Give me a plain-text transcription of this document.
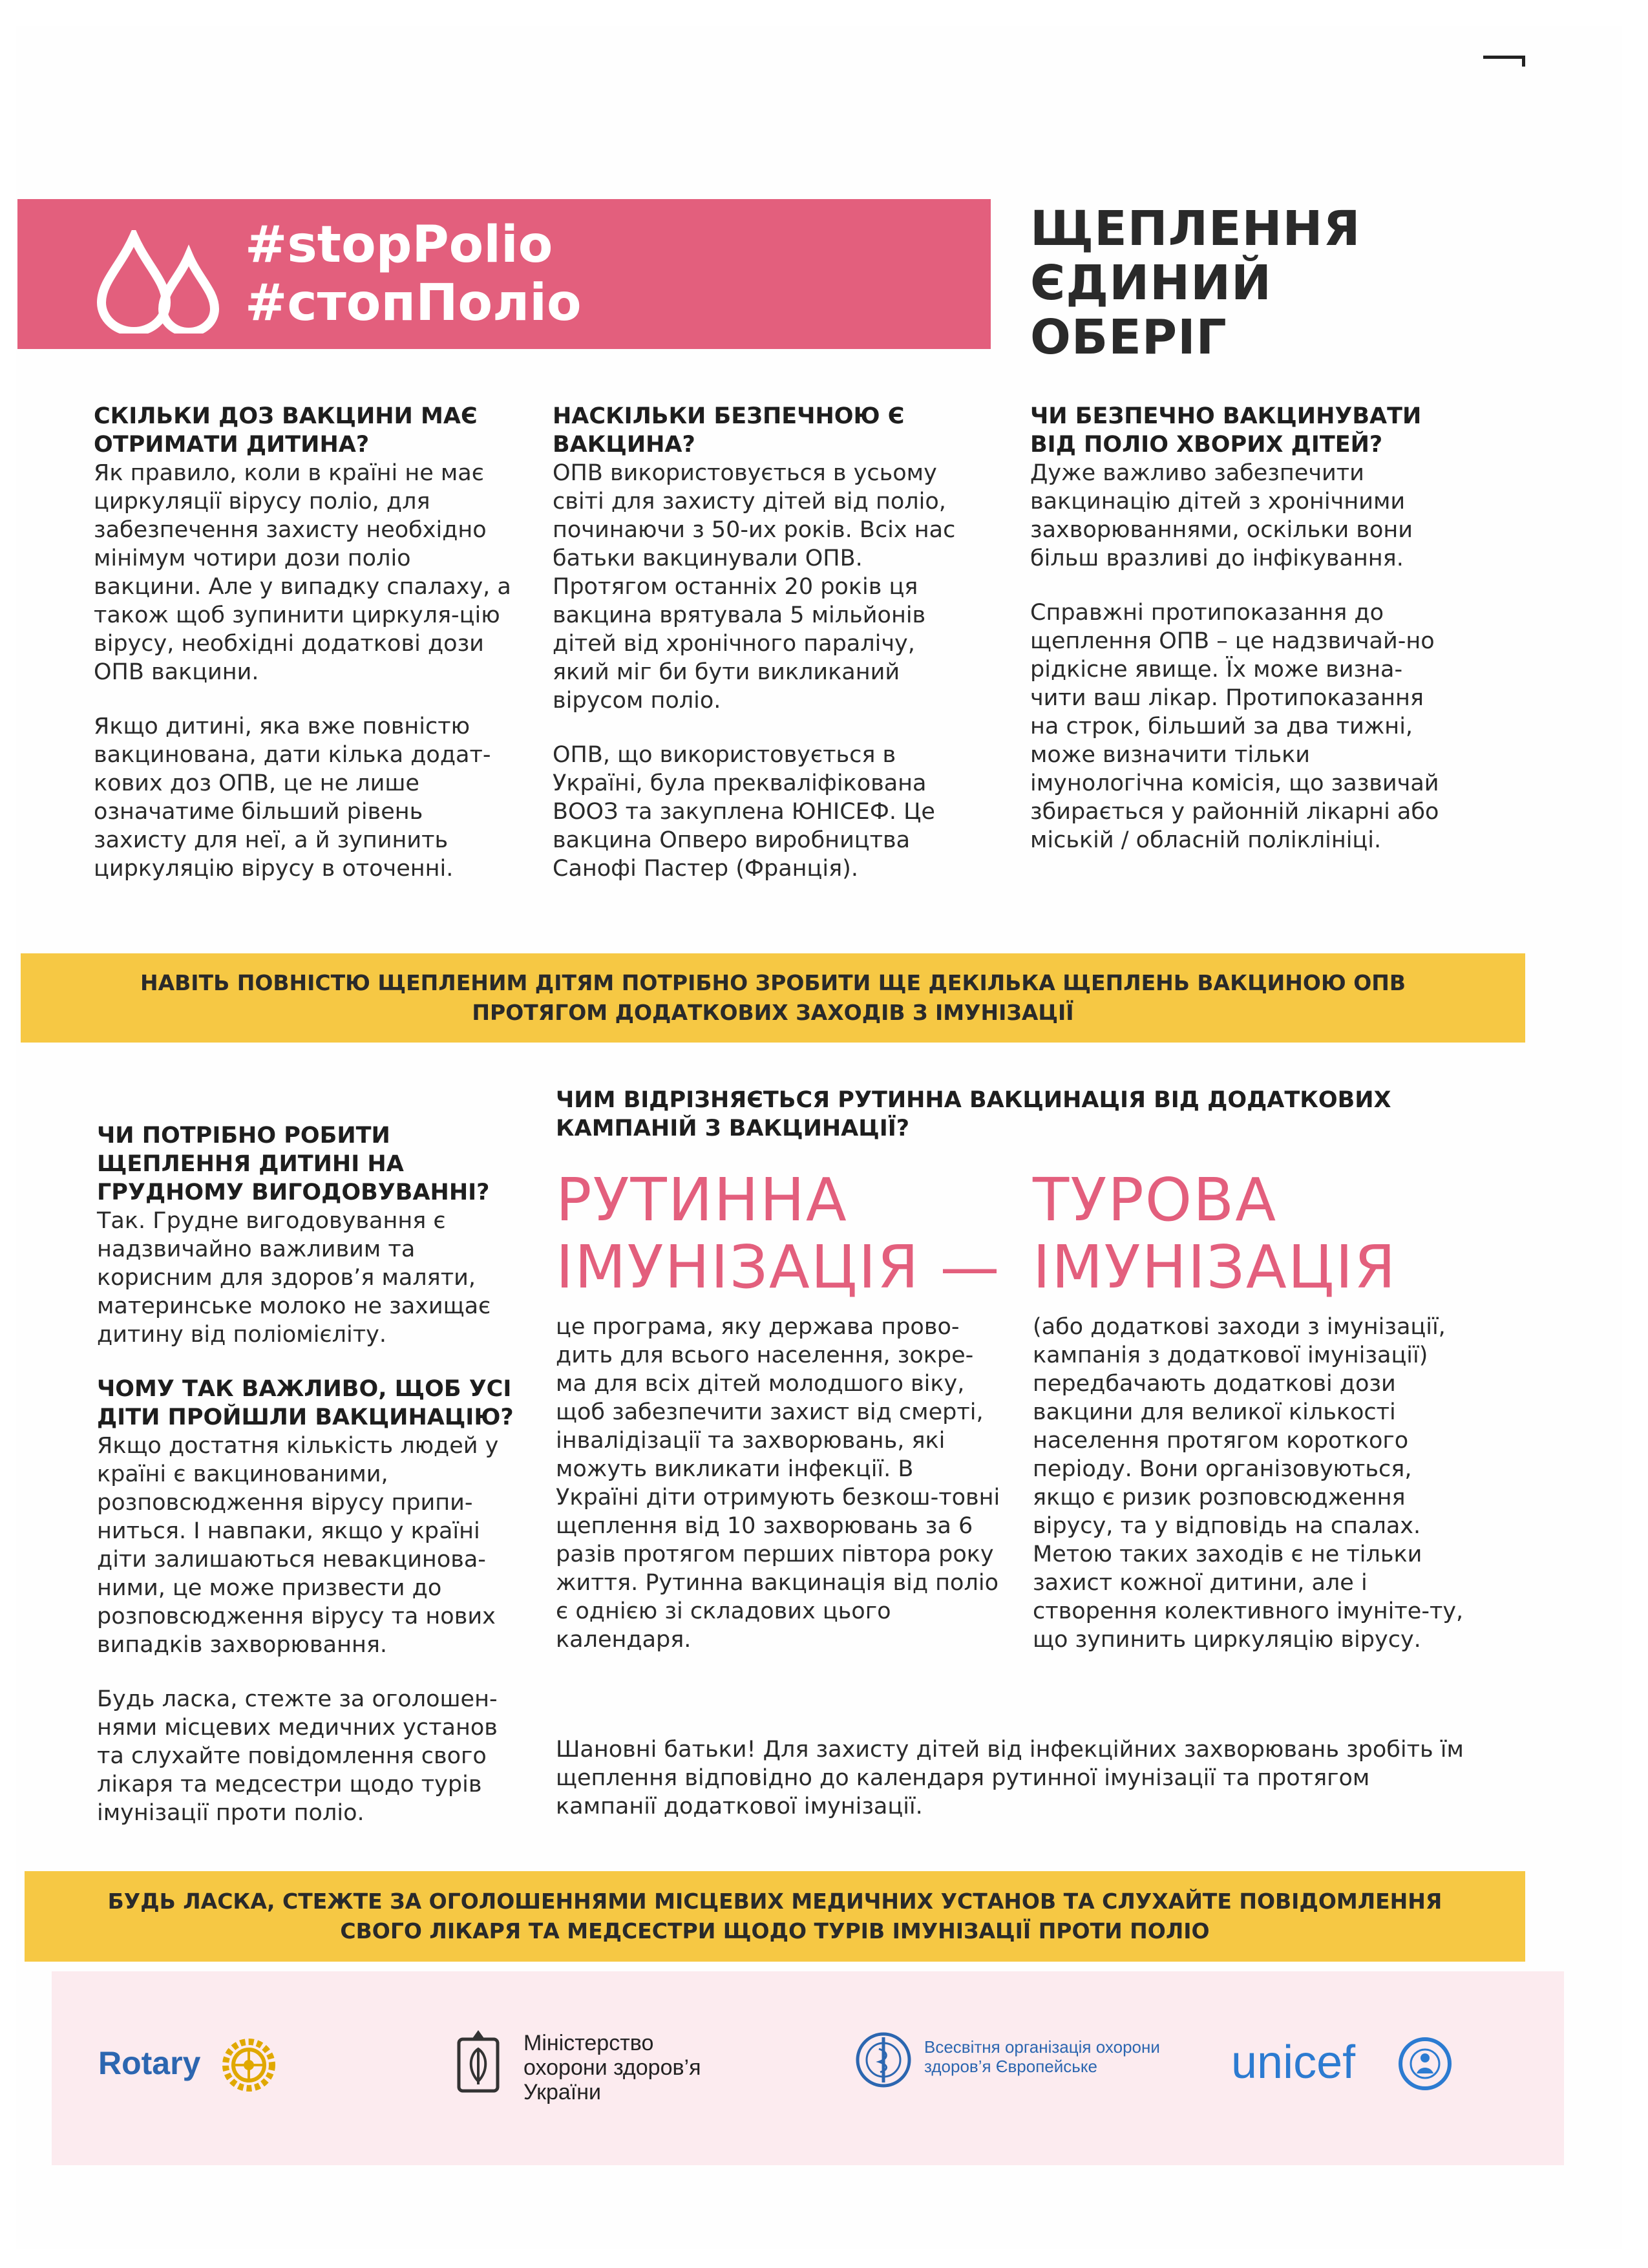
#stopPolio
#стопПоліо
ЩЕПЛЕННЯ
ЄДИНИЙ
ОБЕРІГ
СКІЛЬКИ ДОЗ ВАКЦИНИ МАЄ ОТРИМАТИ ДИТИНА?

Як правило, коли в країні не має циркуляції вірусу поліо, для забезпечення захисту необхідно мінімум чотири дози поліо вакцини. Але у випадку спалаху, а також щоб зупинити циркуля-цію вірусу, необхідні додаткові дози ОПВ вакцини.

Якщо дитині, яка вже повністю вакцинована, дати кілька додат-кових доз ОПВ, це не лише означатиме більший рівень захисту для неї, а й зупинить циркуляцію вірусу в оточенні.

НАСКІЛЬКИ БЕЗПЕЧНОЮ Є ВАКЦИНА?

ОПВ використовується в усьому світі для захисту дітей від поліо, починаючи з 50-их років. Всіх нас батьки вакцинували ОПВ. Протягом останніх 20 років ця вакцина врятувала 5 мільйонів дітей від хронічного паралічу, який міг би бути викликаний вірусом поліо.

ОПВ, що використовується в Україні, була прекваліфікована ВООЗ та закуплена ЮНІСЕФ. Це вакцина Опверо виробництва Санофі Пастер (Франція).

ЧИ БЕЗПЕЧНО ВАКЦИНУВАТИ ВІД ПОЛІО ХВОРИХ ДІТЕЙ?

Дуже важливо забезпечити вакцинацію дітей з хронічними захворюваннями, оскільки вони більш вразливі до інфікування.

Справжні протипоказання до щеплення ОПВ – це надзвичай-но рідкісне явище. Їх може визна-чити ваш лікар. Протипоказання на строк, більший за два тижні, може визначити тільки імунологічна комісія, що зазвичай збирається у районній лікарні або міській / обласній поліклініці.

НАВІТЬ ПОВНІСТЮ ЩЕПЛЕНИМ ДІТЯМ ПОТРІБНО ЗРОБИТИ ЩЕ ДЕКІЛЬКА ЩЕПЛЕНЬ ВАКЦИНОЮ ОПВ ПРОТЯГОМ ДОДАТКОВИХ ЗАХОДІВ З ІМУНІЗАЦІЇ
ЧИ ПОТРІБНО РОБИТИ ЩЕПЛЕННЯ ДИТИНІ НА ГРУДНОМУ ВИГОДОВУВАННІ?

Так. Грудне вигодовування є надзвичайно важливим та корисним для здоров’я маляти, материнське молоко не захищає дитину від поліомієліту.

ЧОМУ ТАК ВАЖЛИВО, ЩОБ УСІ ДІТИ ПРОЙШЛИ ВАКЦИНАЦІЮ?

Якщо достатня кількість людей у країні є вакцинованими, розповсюдження вірусу припи-ниться. І навпаки, якщо у країні діти залишаються невакцинова-ними, це може призвести до розповсюдження вірусу та нових випадків захворювання.

Будь ласка, стежте за оголошен-нями місцевих медичних установ та слухайте повідомлення свого лікаря та медсестри щодо турів імунізації проти поліо.

ЧИМ ВІДРІЗНЯЄТЬСЯ РУТИННА ВАКЦИНАЦІЯ ВІД ДОДАТКОВИХ КАМПАНІЙ З ВАКЦИНАЦІЇ?
РУТИННА
ІМУНІЗАЦІЯ —

це програма, яку держава прово-дить для всього населення, зокре-ма для всіх дітей молодшого віку, щоб забезпечити захист від смерті, інвалідізації та захворювань, які можуть викликати інфекції. В Україні діти отримують безкош-товні щеплення від 10 захворювань за 6 разів протягом перших півтора року життя. Рутинна вакцинація від поліо є однією зі складових цього календаря.

ТУРОВА
ІМУНІЗАЦІЯ

(або додаткові заходи з імунізації, кампанія з додаткової імунізації) передбачають додаткові дози вакцини для великої кількості населення протягом короткого періоду. Вони організовуються, якщо є ризик розповсюдження вірусу, та у відповідь на спалах. Метою таких заходів є не тільки захист кожної дитини, але і створення колективного імуніте-ту, що зупинить циркуляцію вірусу.

Шановні батьки! Для захисту дітей від інфекційних захворювань зробіть їм щеплення відповідно до календаря рутинної імунізації та протягом кампанії додаткової імунізації.

БУДЬ ЛАСКА, СТЕЖТЕ ЗА ОГОЛОШЕННЯМИ МІСЦЕВИХ МЕДИЧНИХ УСТАНОВ ТА СЛУХАЙТЕ ПОВІДОМЛЕННЯ СВОГО ЛІКАРЯ ТА МЕДСЕСТРИ ЩОДО ТУРІВ ІМУНІЗАЦІЇ ПРОТИ ПОЛІО
Rotary
Міністерство охорони здоров’я України
Всесвітня організація охорони здоров’я Європейське	unicef
